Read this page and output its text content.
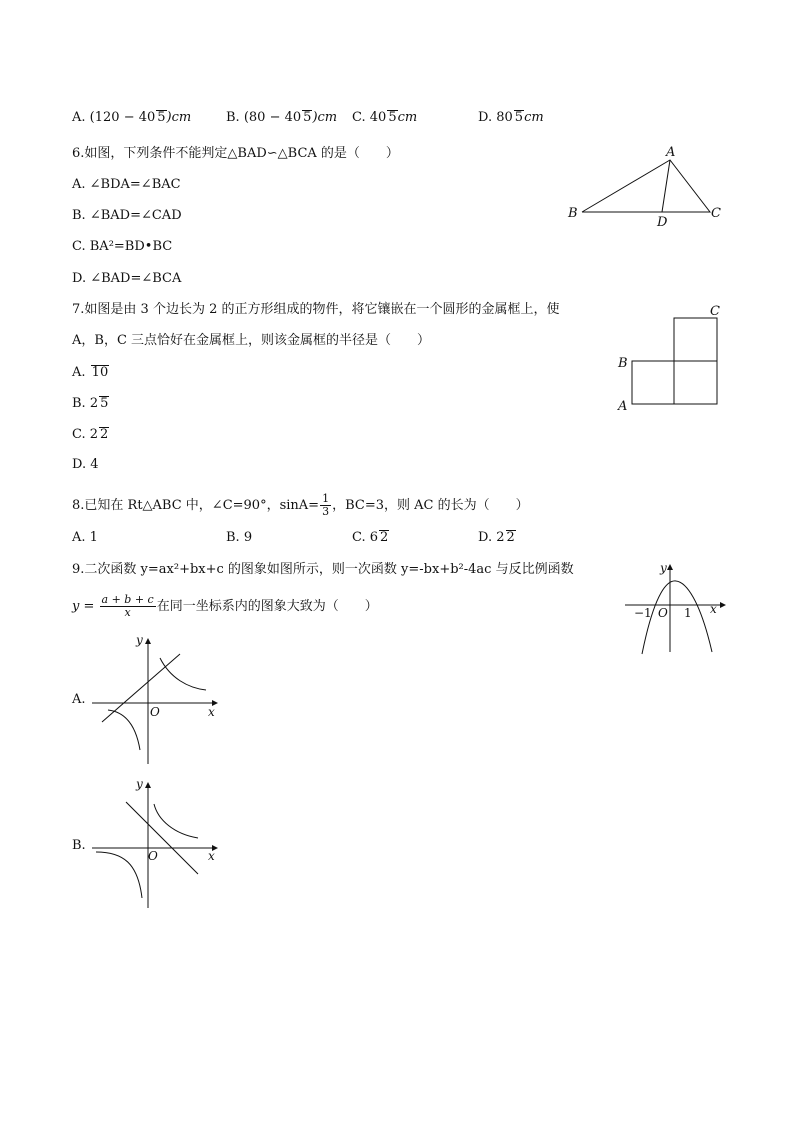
A. (120 − 40 5)cm	B. (80 − 40 5)cm C. 40 5cm	D. 80 5cm
6.如图，下列条件不能判定△BAD∽△BCA 的是（　　）
A. ∠BDA=∠BAC
B. ∠BAD=∠CAD
C. BA²=BD•BC
D. ∠BAD=∠BCA
A
B	C
D
7.如图是由 3 个边长为 2 的正方形组成的物件，将它镶嵌在一个圆形的金属框上，使
A，B，C 三点恰好在金属框上，则该金属框的半径是（　　）
A. 10
B. 2 5
C. 2 2
D. 4
C
B
A
8.已知在 Rt△ABC 中，∠C=90°，$\sin A= \frac{1}{3}$ ，BC=3，则 AC 的长为（　　）
A. 1	B. 9	C. 6 2	D. 2 2
9.二次函数 y=ax²+bx+c 的图象如图所示，则一次函数 y=-bx+b²-4ac 与反比例函数
$y = \frac{a + b + c}{x}$ 在同一坐标系内的图象大致为（　　）
y
x
−1 O 1
A.
y
x
O
B.
y
x
O
